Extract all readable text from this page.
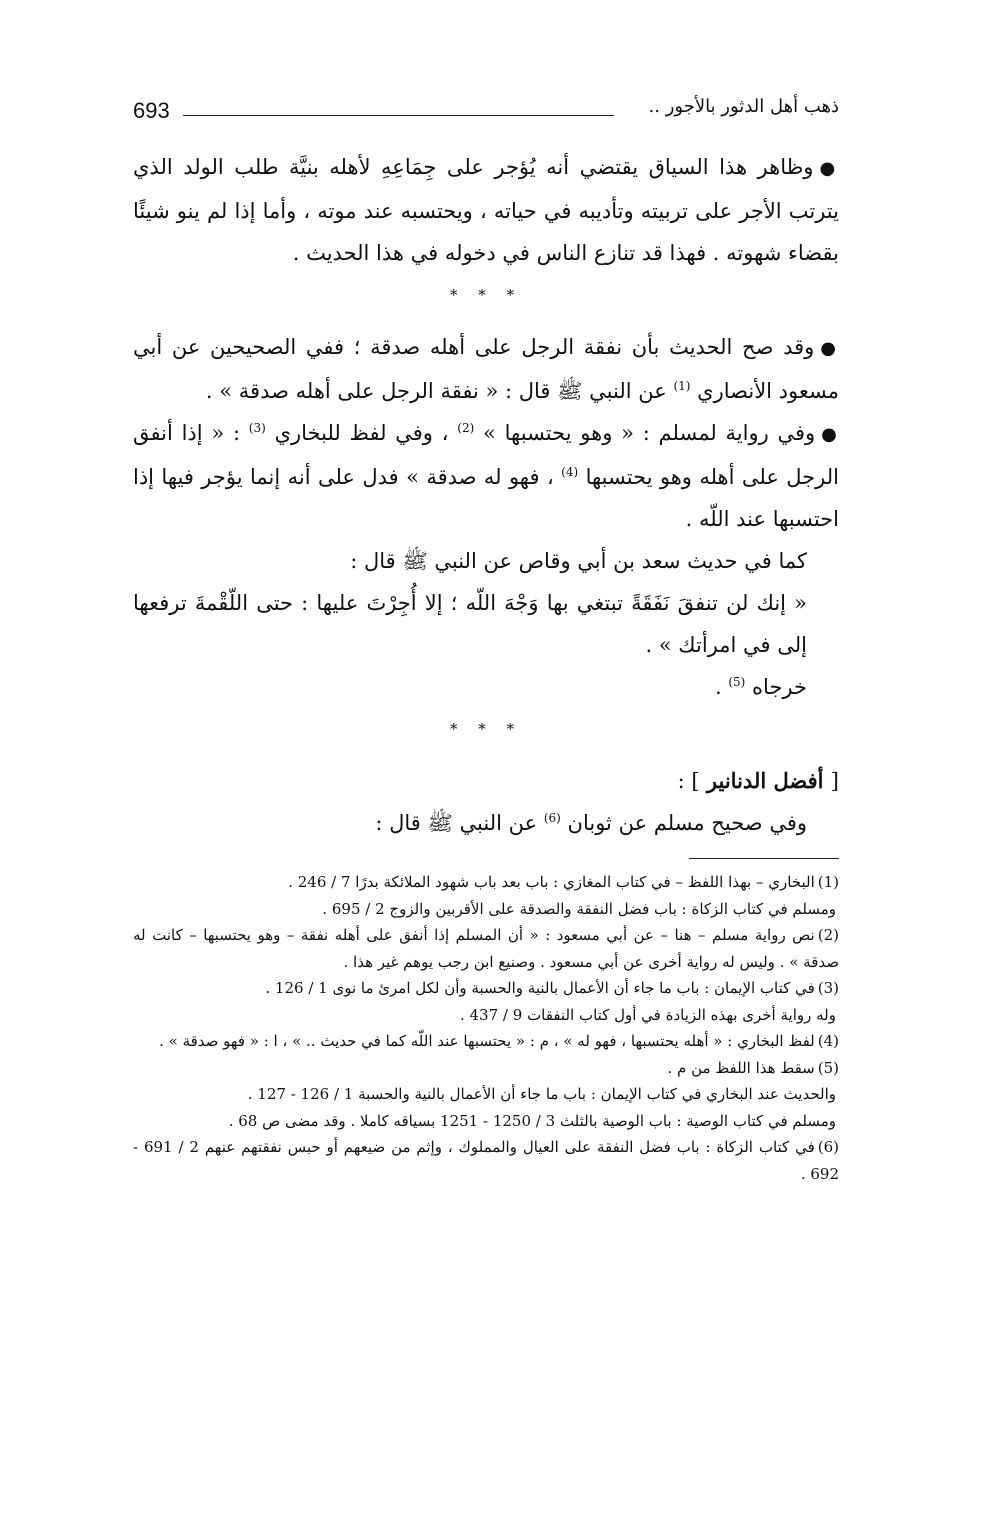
693	ذهب أهل الدثور بالأجور ..

●وظاهر هذا السياق يقتضي أنه يُؤجر على جِمَاعِهِ لأهله بنيَّة طلب الولد الذي يترتب الأجر على تربيته وتأديبه في حياته ، ويحتسبه عند موته ، وأما إذا لم ينو شيئًا بقضاء شهوته . فهذا قد تنازع الناس في دخوله في هذا الحديث .

* * *

●وقد صح الحديث بأن نفقة الرجل على أهله صدقة ؛ ففي الصحيحين عن أبي مسعود الأنصاري $^{(1)}$ عن النبي ﷺ قال : « نفقة الرجل على أهله صدقة » .

●وفي رواية لمسلم : « وهو يحتسبها » $^{(2)}$ ، وفي لفظ للبخاري $^{(3)}$ : « إذا أنفق الرجل على أهله وهو يحتسبها $^{(4)}$ ، فهو له صدقة » فدل على أنه إنما يؤجر فيها إذا احتسبها عند اللّه .

كما في حديث سعد بن أبي وقاص عن النبي ﷺ قال :

« إنك لن تنفقَ نَفَقَةً تبتغي بها وَجْهَ اللّه ؛ إلا أُجِرْتَ عليها : حتى اللّقْمةَ ترفعها إلى في امرأتك » .

خرجاه $^{(5)}$ .

* * *
[ أفضل الدنانير ] :

وفي صحيح مسلم عن ثوبان $^{(6)}$ عن النبي ﷺ قال :

(1)البخاري – بهذا اللفظ – في كتاب المغازي : باب بعد باب شهود الملائكة بدرًا 7 / 246 .

ومسلم في كتاب الزكاة : باب فضل النفقة والصدقة على الأقربين والزوج 2 / 695 .

(2)نص رواية مسلم – هنا – عن أبي مسعود : « أن المسلم إذا أنفق على أهله نفقة – وهو يحتسبها – كانت له صدقة » . وليس له رواية أخرى عن أبي مسعود . وصنيع ابن رجب يوهم غير هذا .

(3)في كتاب الإيمان : باب ما جاء أن الأعمال بالنية والحسبة وأن لكل امرئ ما نوى 1 / 126 .

وله رواية أخرى بهذه الزيادة في أول كتاب النفقات 9 / 437 .

(4)لفظ البخاري : « أهله يحتسبها ، فهو له » ، م : « يحتسبها عند اللّه كما في حديث .. » ، ا : « فهو صدقة » .

(5)سقط هذا اللفظ من م .

والحديث عند البخاري في كتاب الإيمان : باب ما جاء أن الأعمال بالنية والحسبة 1 / 126 - 127 .

ومسلم في كتاب الوصية : باب الوصية بالثلث 3 / 1250 - 1251 بسياقه كاملا . وقد مضى ص 68 .

(6)في كتاب الزكاة : باب فضل النفقة على العيال والمملوك ، وإثم من ضيعهم أو حبس نفقتهم عنهم 2 / 691 - 692 .
